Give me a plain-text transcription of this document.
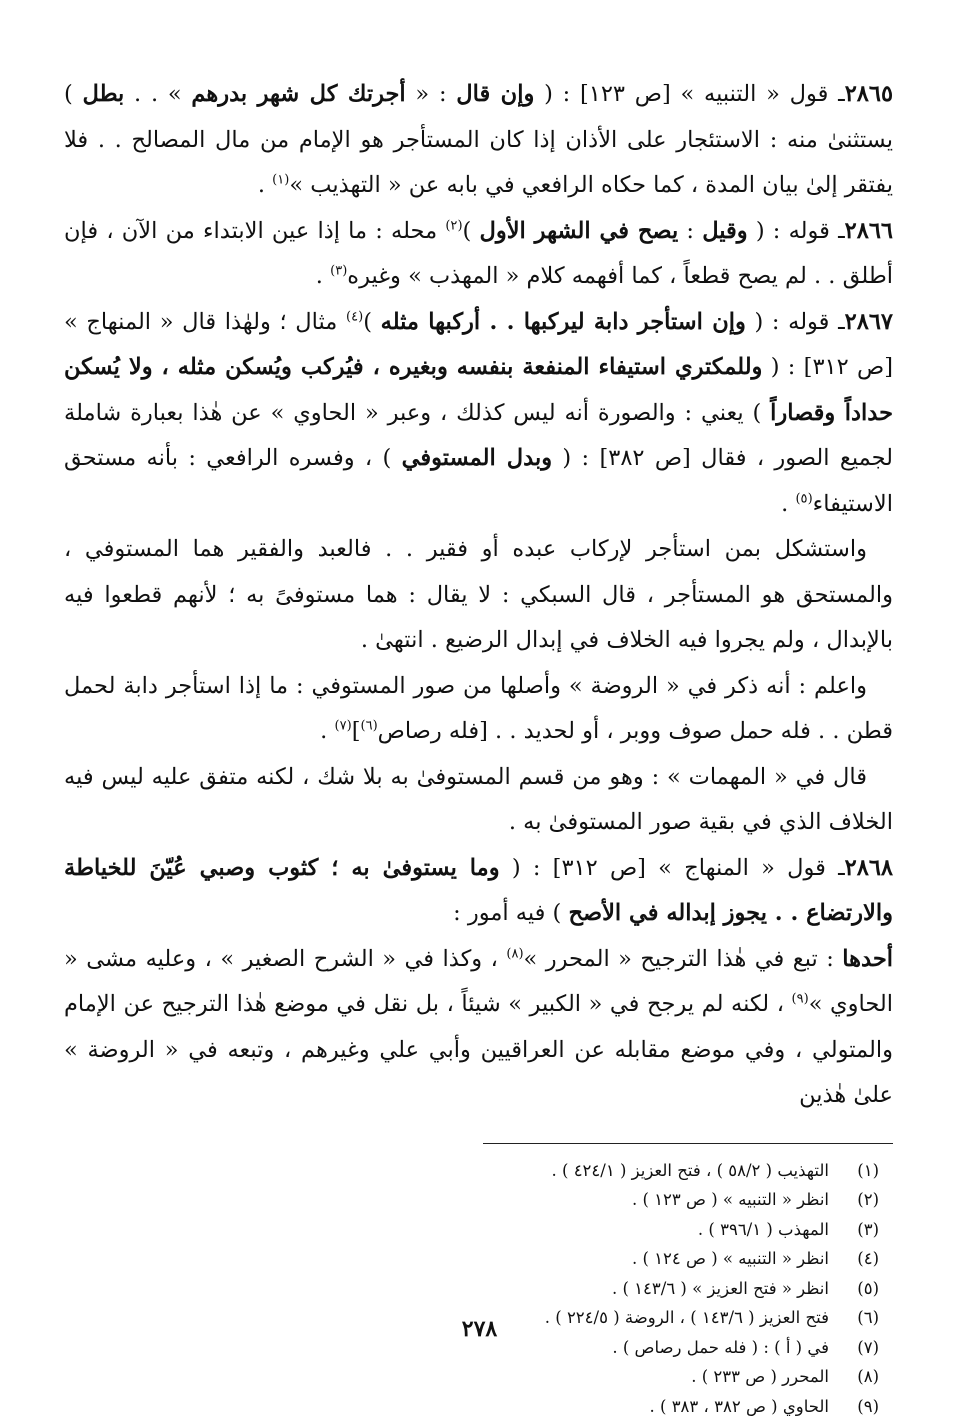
٢٨٦٥ـ قول « التنبيه » [ص ١٢٣] : ( وإن قال : « أجرتك كل شهر بدرهم » . . بطل ) يستثنىٰ منه : الاستئجار على الأذان إذا كان المستأجر هو الإمام من مال المصالح . . فلا يفتقر إلىٰ بيان المدة ، كما حكاه الرافعي في بابه عن « التهذيب »$^{(١)}$ .

٢٨٦٦ـ قوله : ( وقيل : يصح في الشهر الأول )$^{(٢)}$ محله : ما إذا عين الابتداء من الآن ، فإن أطلق . . لم يصح قطعاً ، كما أفهمه كلام « المهذب » وغيره$^{(٣)}$ .

٢٨٦٧ـ قوله : ( وإن استأجر دابة ليركبها . . أركبها مثله )$^{(٤)}$ مثال ؛ ولهٰذا قال « المنهاج » [ص ٣١٢] : ( وللمكتري استيفاء المنفعة بنفسه وبغيره ، فيُركب ويُسكن مثله ، ولا يُسكن حداداً وقصاراً ) يعني : والصورة أنه ليس كذلك ، وعبر « الحاوي » عن هٰذا بعبارة شاملة لجميع الصور ، فقال [ص ٣٨٢] : ( وبدل المستوفي ) ، وفسره الرافعي : بأنه مستحق الاستيفاء$^{(٥)}$ .

واستشكل بمن استأجر لإركاب عبده أو فقير . . فالعبد والفقير هما المستوفي ، والمستحق هو المستأجر ، قال السبكي : لا يقال : هما مستوفىً به ؛ لأنهم قطعوا فيه بالإبدال ، ولم يجروا فيه الخلاف في إبدال الرضيع . انتهىٰ .

واعلم : أنه ذكر في « الروضة » وأصلها من صور المستوفي : ما إذا استأجر دابة لحمل قطن . . فله حمل صوف ووبر ، أو لحديد . . [فله رصاص$^{(٦)}$]$^{(٧)}$ .

قال في « المهمات » : وهو من قسم المستوفىٰ به بلا شك ، لكنه متفق عليه ليس فيه الخلاف الذي في بقية صور المستوفىٰ به .

٢٨٦٨ـ قول « المنهاج » [ص ٣١٢] : ( وما يستوفىٰ به ؛ كثوب وصبي عُيّنَ للخياطة والارتضاع . . يجوز إبداله في الأصح ) فيه أمور :

أحدها : تبع في هٰذا الترجيح « المحرر »$^{(٨)}$ ، وكذا في « الشرح الصغير » ، وعليه مشى « الحاوي »$^{(٩)}$ ، لكنه لم يرجح في « الكبير » شيئاً ، بل نقل في موضع هٰذا الترجيح عن الإمام والمتولي ، وفي موضع مقابله عن العراقيين وأبي علي وغيرهم ، وتبعه في « الروضة » علىٰ هٰذين

(١)
التهذيب ( ٥٨/٢ ) ، فتح العزيز ( ٤٢٤/١ ) .
(٢)
انظر « التنبيه » ( ص ١٢٣ ) .
(٣)
المهذب ( ٣٩٦/١ ) .
(٤)
انظر « التنبيه » ( ص ١٢٤ ) .
(٥)
انظر « فتح العزيز » ( ١٤٣/٦ ) .
(٦)
فتح العزيز ( ١٤٣/٦ ) ، الروضة ( ٢٢٤/٥ ) .
(٧)
في ( أ ) : ( فله حمل رصاص ) .
(٨)
المحرر ( ص ٢٣٣ ) .
(٩)
الحاوي ( ص ٣٨٢ ، ٣٨٣ ) .
٢٧٨
